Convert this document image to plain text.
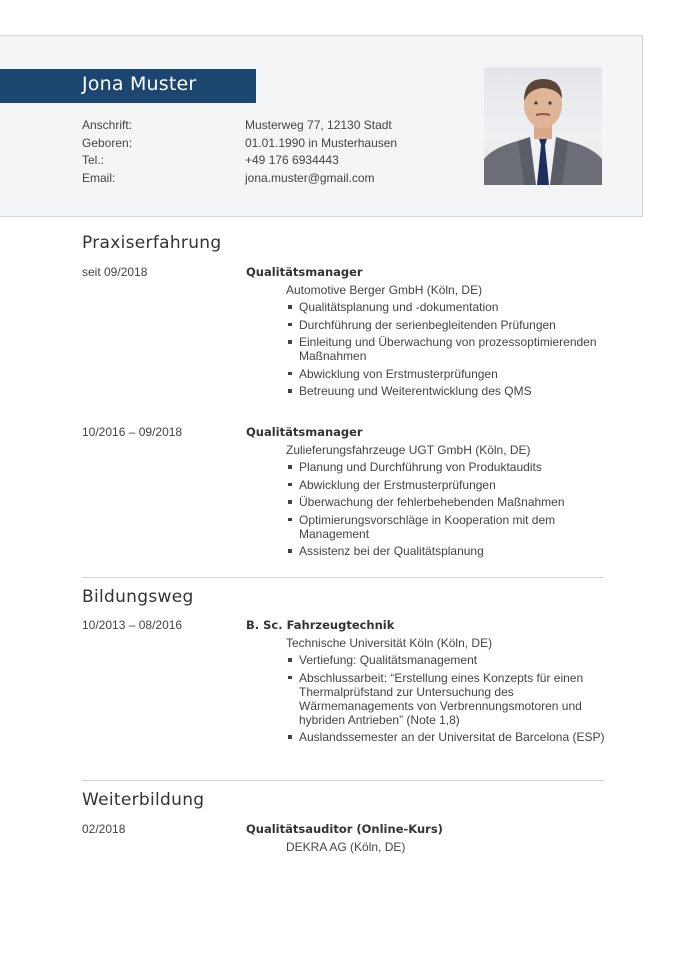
Jona Muster
Anschrift:	Musterweg 77, 12130 Stadt
Geboren:	01.01.1990 in Musterhausen
Tel.:	+49 176 6934443
Email:	jona.muster@gmail.com
Praxiserfahrung
seit 09/2018	Qualitätsmanager
Automotive Berger GmbH (Köln, DE)
Qualitätsplanung und -dokumentation
Durchführung der serienbegleitenden Prüfungen
Einleitung und Überwachung von prozessoptimierenden Maßnahmen
Abwicklung von Erstmusterprüfungen
Betreuung und Weiterentwicklung des QMS
10/2016 – 09/2018	Qualitätsmanager
Zulieferungsfahrzeuge UGT GmbH (Köln, DE)
Planung und Durchführung von Produktaudits
Abwicklung der Erstmusterprüfungen
Überwachung der fehlerbehebenden Maßnahmen
Optimierungsvorschläge in Kooperation mit dem Management
Assistenz bei der Qualitätsplanung
Bildungsweg
10/2013 – 08/2016	B. Sc. Fahrzeugtechnik
Technische Universität Köln (Köln, DE)
Vertiefung: Qualitätsmanagement
Abschlussarbeit: “Erstellung eines Konzepts für einen Thermalprüfstand zur Untersuchung des Wärmemanagements von Verbrennungsmotoren und hybriden Antrieben” (Note 1,8)
Auslandssemester an der Universitat de Barcelona (ESP)
Weiterbildung
02/2018	Qualitätsauditor (Online-Kurs)
DEKRA AG (Köln, DE)
